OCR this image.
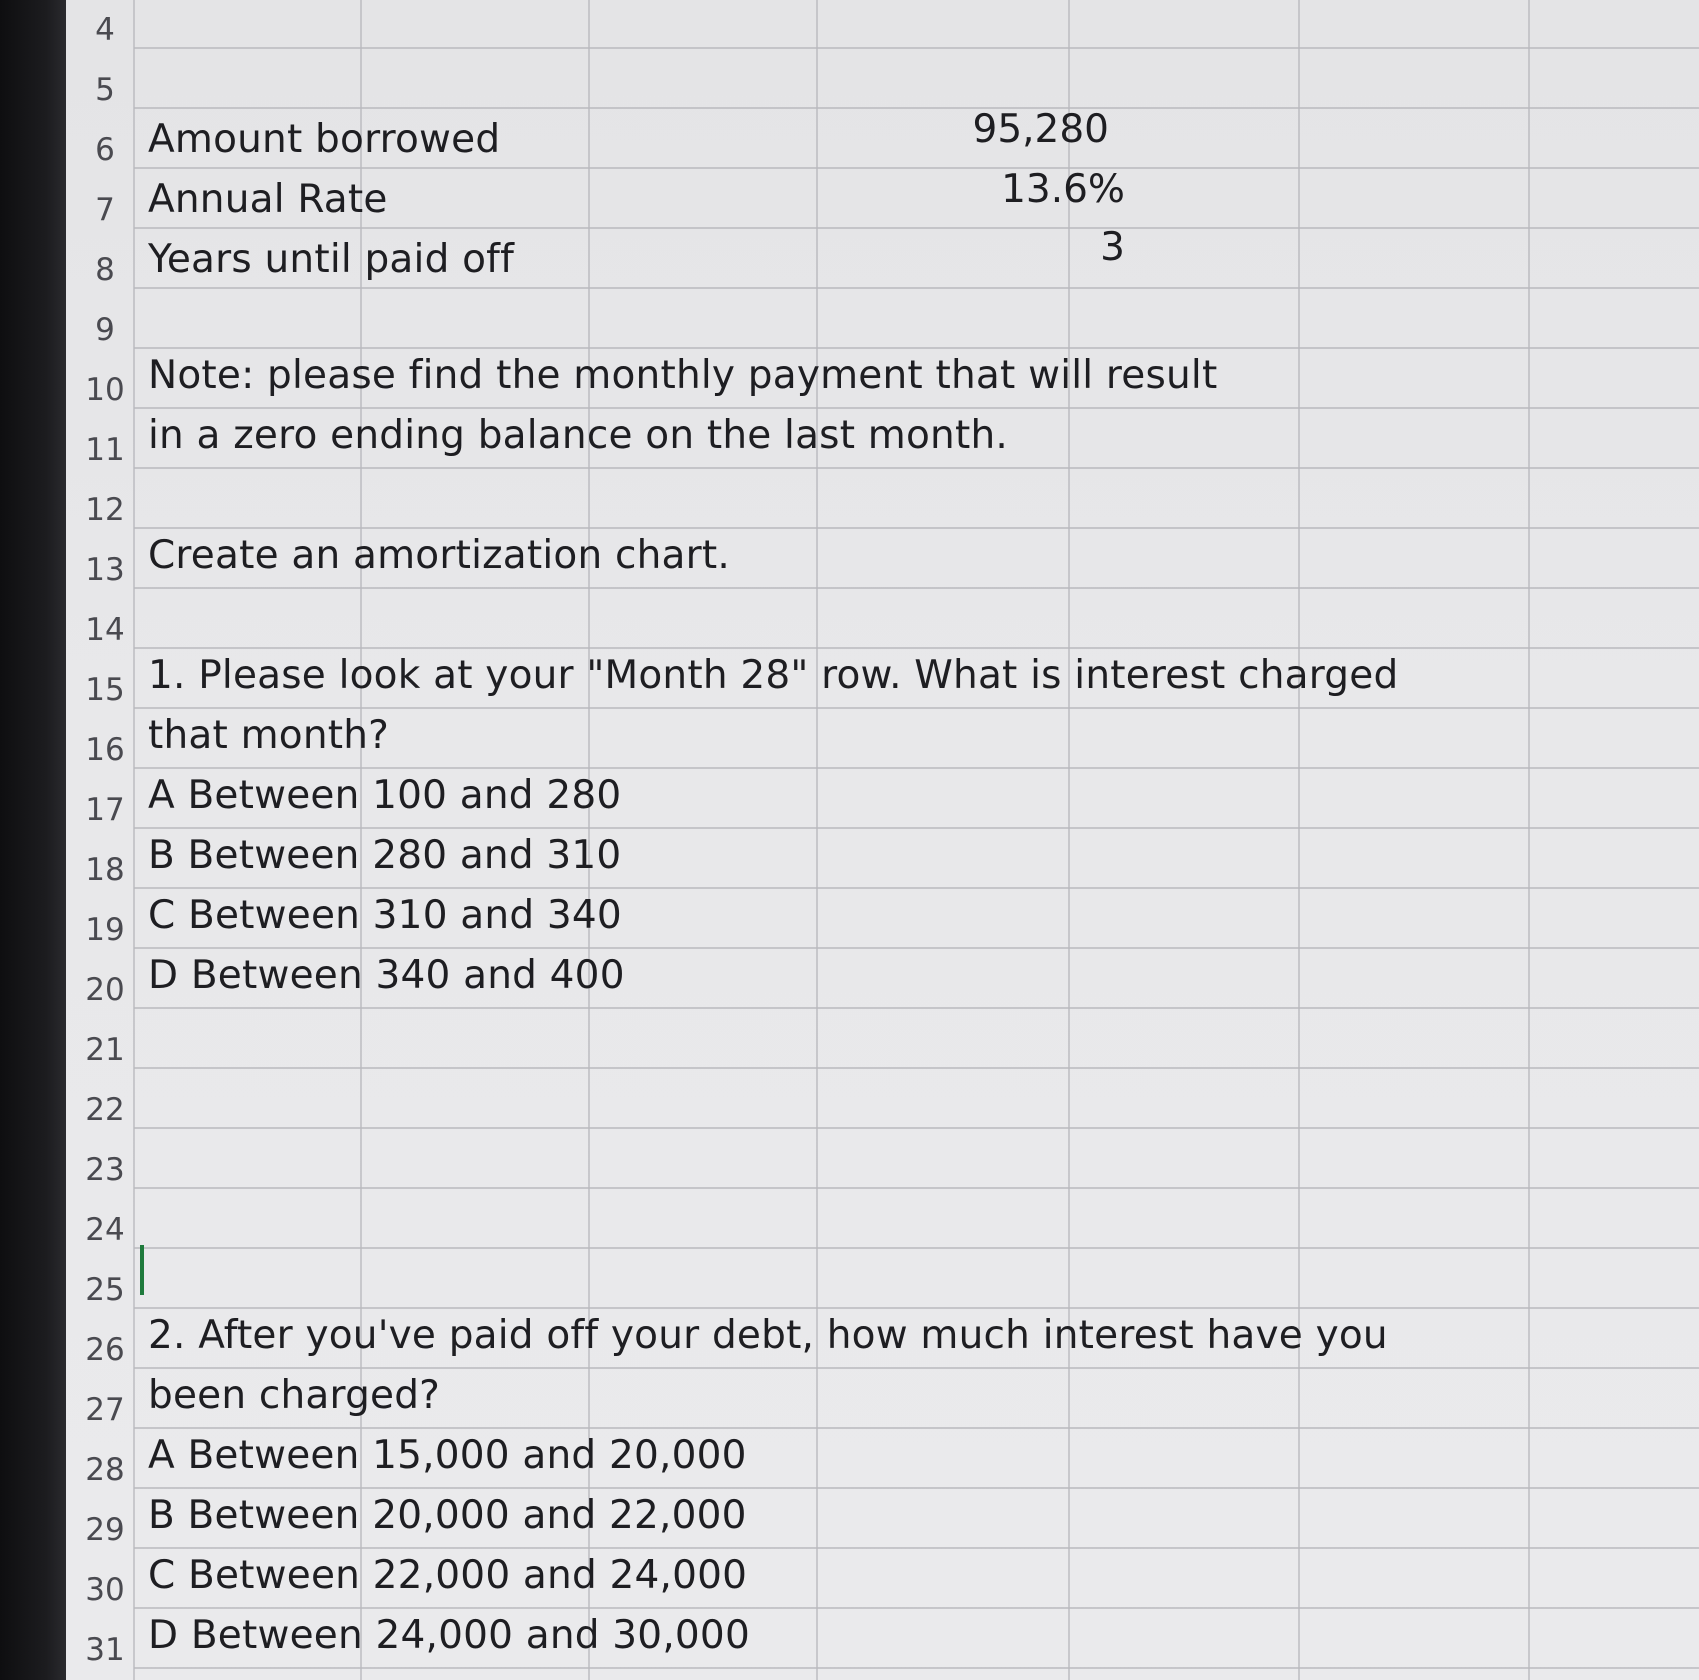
4
5
6
7
8
9
10
11
12
13
14
15
16
17
18
19
20
21
22
23
24
25
26
27
28
29
30
31
Amount borrowed	95,280
Annual Rate	13.6%
Years until paid off	3
Note: please find the monthly payment that will result
in a zero ending balance on the last month.
Create an amortization chart.
1. Please look at your "Month 28" row. What is interest charged
that month?
A Between 100 and 280
B Between 280 and 310
C Between 310 and 340
D Between 340 and 400
2. After you've paid off your debt, how much interest have you
been charged?
A Between 15,000 and 20,000
B Between 20,000 and 22,000
C Between 22,000 and 24,000
D Between 24,000 and 30,000
